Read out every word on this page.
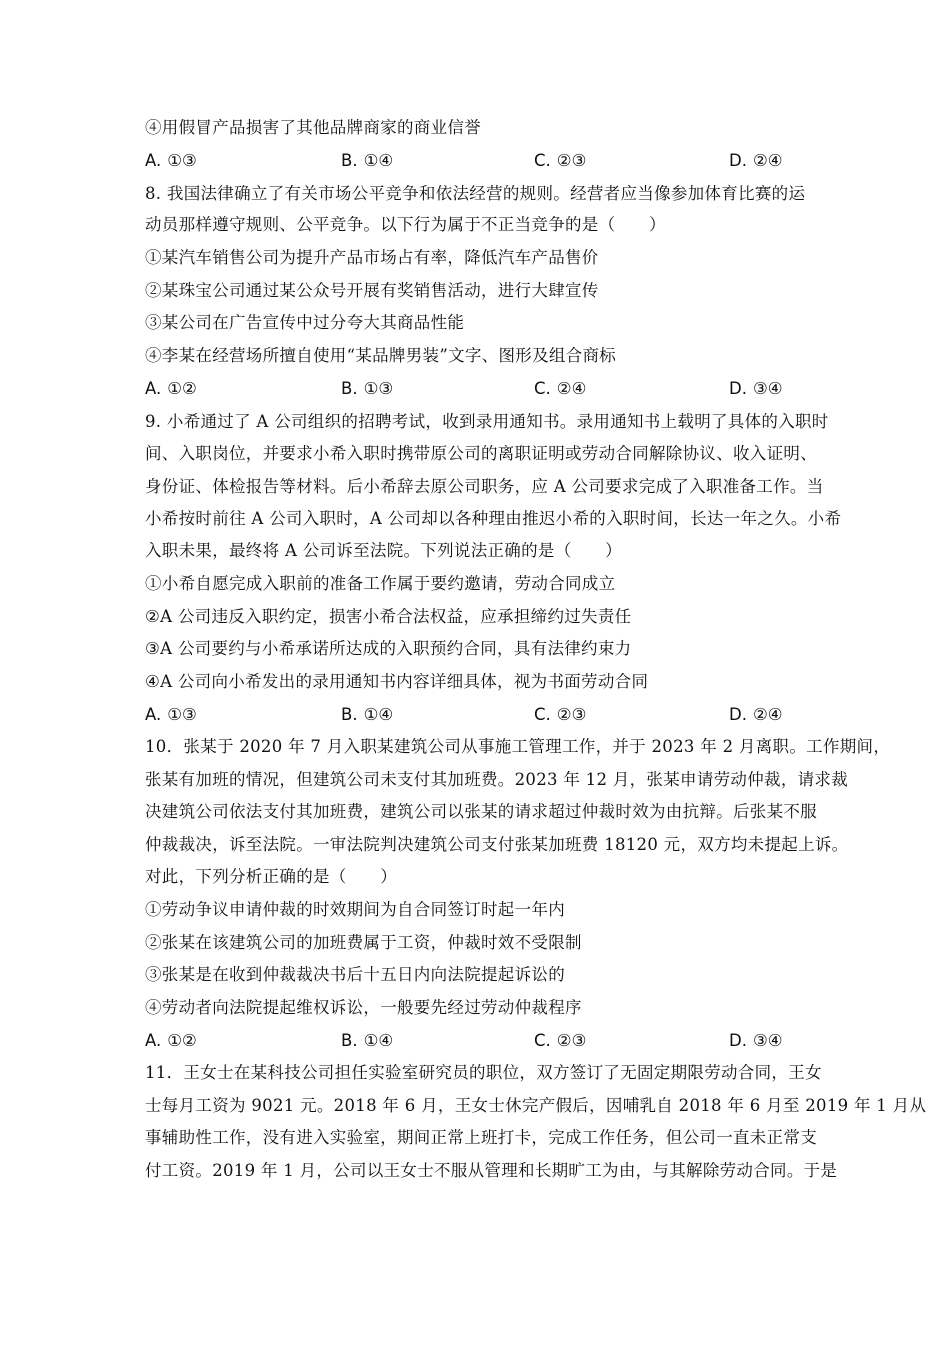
④用假冒产品损害了其他品牌商家的商业信誉
A. ①③	B. ①④	C. ②③	D. ②④
8. 我国法律确立了有关市场公平竞争和依法经营的规则。经营者应当像参加体育比赛的运
动员那样遵守规则、公平竞争。以下行为属于不正当竞争的是（　　）
①某汽车销售公司为提升产品市场占有率，降低汽车产品售价
②某珠宝公司通过某公众号开展有奖销售活动，进行大肆宣传
③某公司在广告宣传中过分夸大其商品性能
④李某在经营场所擅自使用“某品牌男装”文字、图形及组合商标
A. ①②	B. ①③	C. ②④	D. ③④
9. 小希通过了 A 公司组织的招聘考试，收到录用通知书。录用通知书上载明了具体的入职时
间、入职岗位，并要求小希入职时携带原公司的离职证明或劳动合同解除协议、收入证明、
身份证、体检报告等材料。后小希辞去原公司职务，应 A 公司要求完成了入职准备工作。当
小希按时前往 A 公司入职时，A 公司却以各种理由推迟小希的入职时间，长达一年之久。小希
入职未果，最终将 A 公司诉至法院。下列说法正确的是（　　）
①小希自愿完成入职前的准备工作属于要约邀请，劳动合同成立
②A 公司违反入职约定，损害小希合法权益，应承担缔约过失责任
③A 公司要约与小希承诺所达成的入职预约合同，具有法律约束力
④A 公司向小希发出的录用通知书内容详细具体，视为书面劳动合同
A. ①③	B. ①④	C. ②③	D. ②④
10．张某于 2020 年 7 月入职某建筑公司从事施工管理工作，并于 2023 年 2 月离职。工作期间，
张某有加班的情况，但建筑公司未支付其加班费。2023 年 12 月，张某申请劳动仲裁，请求裁
决建筑公司依法支付其加班费，建筑公司以张某的请求超过仲裁时效为由抗辩。后张某不服
仲裁裁决，诉至法院。一审法院判决建筑公司支付张某加班费 18120 元，双方均未提起上诉。
对此，下列分析正确的是（　　）
①劳动争议申请仲裁的时效期间为自合同签订时起一年内
②张某在该建筑公司的加班费属于工资，仲裁时效不受限制
③张某是在收到仲裁裁决书后十五日内向法院提起诉讼的
④劳动者向法院提起维权诉讼，一般要先经过劳动仲裁程序
A. ①②	B. ①④	C. ②③	D. ③④
11．王女士在某科技公司担任实验室研究员的职位，双方签订了无固定期限劳动合同，王女
士每月工资为 9021 元。2018 年 6 月，王女士休完产假后，因哺乳自 2018 年 6 月至 2019 年 1 月从
事辅助性工作，没有进入实验室，期间正常上班打卡，完成工作任务，但公司一直未正常支
付工资。2019 年 1 月，公司以王女士不服从管理和长期旷工为由，与其解除劳动合同。于是
